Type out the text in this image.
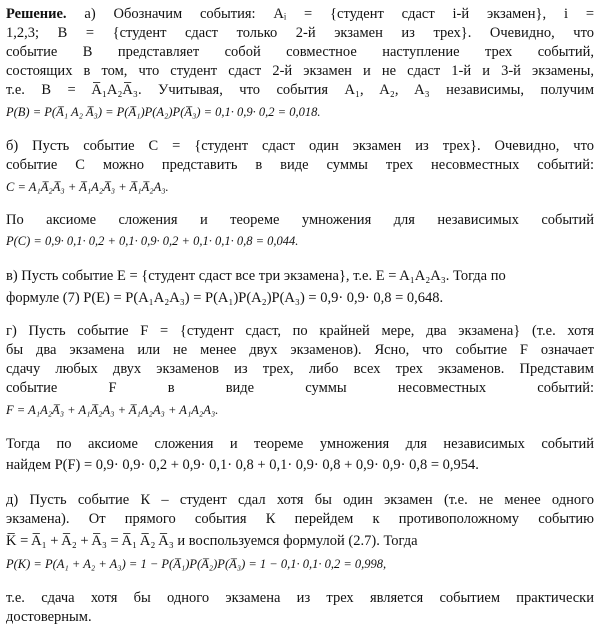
Решение. а) Обозначим события: Aᵢ = {студент сдаст i-й экзамен}, i =
1,2,3; B = {студент сдаст только 2-й экзамен из трех}. Очевидно, что
событие В представляет собой совместное наступление трех событий,
состоящих в том, что студент сдаст 2-й экзамен и не сдаст 1-й и 3-й экзамены,
т.е. B = A̅₁A₂A̅₃. Учитывая, что события A₁, A₂, A₃ независимы, получим
P(B) = P(A̅₁ A₂ A̅₃) = P(A̅₁)P(A₂)P(A̅₃) = 0,1· 0,9· 0,2 = 0,018.
б) Пусть событие С = {студент сдаст один экзамен из трех}. Очевидно, что
событие С можно представить в виде суммы трех несовместных событий:
C = A₁A̅₂A̅₃ + A̅₁A₂A̅₃ + A̅₁A̅₂A₃.
По аксиоме сложения и теореме умножения для независимых событий
P(C) = 0,9· 0,1· 0,2 + 0,1· 0,9· 0,2 + 0,1· 0,1· 0,8 = 0,044.
в) Пусть событие Е = {студент сдаст все три экзамена}, т.е. E = A₁A₂A₃. Тогда по
формуле (7) P(E) = P(A₁A₂A₃) = P(A₁)P(A₂)P(A₃) = 0,9· 0,9· 0,8 = 0,648.
г) Пусть событие F = {студент сдаст, по крайней мере, два экзамена} (т.е. хотя
бы два экзамена или не менее двух экзаменов). Ясно, что событие F означает
сдачу любых двух экзаменов из трех, либо всех трех экзаменов. Представим
событие F в виде суммы несовместных событий:
F = A₁A₂A̅₃ + A₁A̅₂A₃ + A̅₁A₂A₃ + A₁A₂A₃.
Тогда по аксиоме сложения и теореме умножения для независимых событий
найдем P(F) = 0,9· 0,9· 0,2 + 0,9· 0,1· 0,8 + 0,1· 0,9· 0,8 + 0,9· 0,9· 0,8 = 0,954.
д) Пусть событие К – студент сдал хотя бы один экзамен (т.е. не менее одного
экзамена). От прямого события К перейдем к противоположному событию
K̅ = A̅₁ + A̅₂ + A̅₃ = A̅₁ A̅₂ A̅₃ и воспользуемся формулой (2.7). Тогда
P(K) = P(A₁ + A₂ + A₃) = 1 − P(A̅₁)P(A̅₂)P(A̅₃) = 1 − 0,1· 0,1· 0,2 = 0,998,
т.е. сдача хотя бы одного экзамена из трех является событием практически
достоверным.
